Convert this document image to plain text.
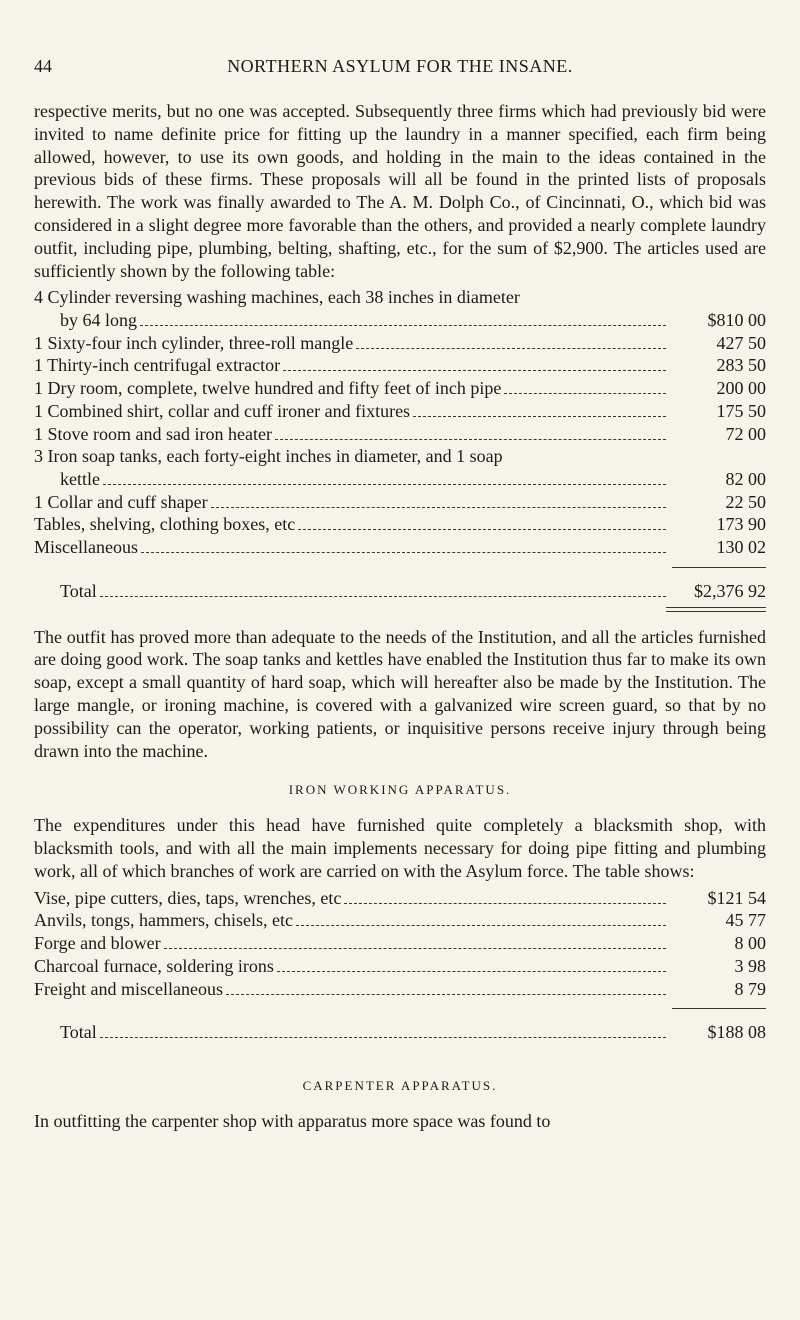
44	NORTHERN ASYLUM FOR THE INSANE.

respective merits, but no one was accepted. Subsequently three firms which had previously bid were invited to name definite price for fitting up the laundry in a manner specified, each firm being allowed, however, to use its own goods, and holding in the main to the ideas contained in the previous bids of these firms. These proposals will all be found in the printed lists of proposals herewith. The work was finally awarded to The A. M. Dolph Co., of Cincinnati, O., which bid was considered in a slight degree more favorable than the others, and provided a nearly complete laundry outfit, including pipe, plumbing, belting, shafting, etc., for the sum of $2,900. The articles used are sufficiently shown by the following table:

4 Cylinder reversing washing machines, each 38 inches in diameter
by 64 long	$810 00
1 Sixty-four inch cylinder, three-roll mangle	427 50
1 Thirty-inch centrifugal extractor	283 50
1 Dry room, complete, twelve hundred and fifty feet of inch pipe	200 00
1 Combined shirt, collar and cuff ironer and fixtures	175 50
1 Stove room and sad iron heater	72 00
3 Iron soap tanks, each forty-eight inches in diameter, and 1 soap
kettle	82 00
1 Collar and cuff shaper	22 50
Tables, shelving, clothing boxes, etc	173 90
Miscellaneous	130 02
Total	$2,376 92

The outfit has proved more than adequate to the needs of the Institution, and all the articles furnished are doing good work. The soap tanks and kettles have enabled the Institution thus far to make its own soap, except a small quantity of hard soap, which will hereafter also be made by the Institution. The large mangle, or ironing machine, is covered with a galvanized wire screen guard, so that by no possibility can the operator, working patients, or inquisitive persons receive injury through being drawn into the machine.

IRON WORKING APPARATUS.

The expenditures under this head have furnished quite completely a blacksmith shop, with blacksmith tools, and with all the main implements necessary for doing pipe fitting and plumbing work, all of which branches of work are carried on with the Asylum force. The table shows:

Vise, pipe cutters, dies, taps, wrenches, etc	$121 54
Anvils, tongs, hammers, chisels, etc	45 77
Forge and blower	8 00
Charcoal furnace, soldering irons	3 98
Freight and miscellaneous	8 79
Total	$188 08
CARPENTER APPARATUS.

In outfitting the carpenter shop with apparatus more space was found to
